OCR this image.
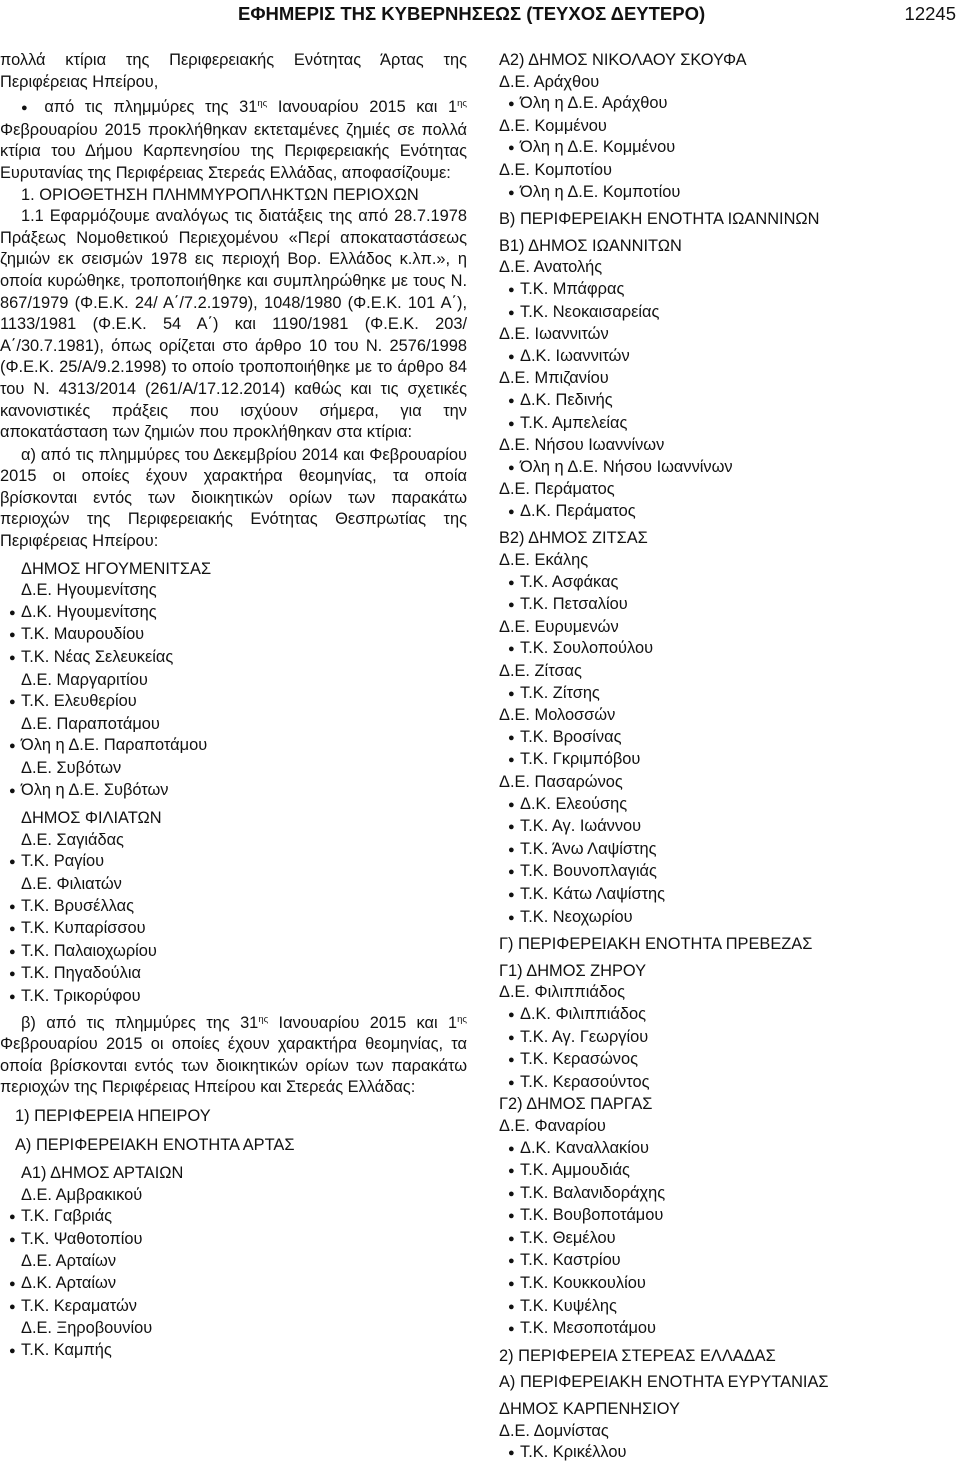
ΕΦΗΜΕΡΙΣ ΤΗΣ ΚΥΒΕΡΝΗΣΕΩΣ (ΤΕΥΧΟΣ ΔΕΥΤΕΡΟ)	12245
πολλά κτίρια της Περιφερειακής Ενότητας Άρτας της Περιφέρειας Ηπείρου,
● από τις πλημμύρες της $31^{\eta\varsigma}$ Ιανουαρίου 2015 και $1^{\eta\varsigma}$ Φεβρουαρίου 2015 προκλήθηκαν εκτεταμένες ζημιές σε πολλά κτίρια του Δήμου Καρπενησίου της Περιφερειακής Ενότητας Ευρυτανίας της Περιφέρειας Στερεάς Ελλάδας, αποφασίζουμε:
1. ΟΡΙΟΘΕΤΗΣΗ ΠΛΗΜΜΥΡΟΠΛΗΚΤΩΝ ΠΕΡΙΟΧΩΝ
1.1 Εφαρμόζουμε αναλόγως τις διατάξεις της από 28.7.1978 Πράξεως Νομοθετικού Περιεχομένου «Περί αποκαταστάσεως ζημιών εκ σεισμών 1978 εις περιοχή Βορ. Ελλάδος κ.λπ.», η οποία κυρώθηκε, τροποποιήθηκε και συμπληρώθηκε με τους Ν. 867/1979 (Φ.Ε.Κ. 24/ Α΄/7.2.1979), 1048/1980 (Φ.Ε.Κ. 101 Α΄), 1133/1981 (Φ.Ε.Κ. 54 Α΄) και 1190/1981 (Φ.Ε.Κ. 203/Α΄/30.7.1981), όπως ορίζεται στο άρθρο 10 του Ν. 2576/1998 (Φ.Ε.Κ. 25/Α/9.2.1998) το οποίο τροποποιήθηκε με το άρθρο 84 του Ν. 4313/2014 (261/Α/17.12.2014) καθώς και τις σχετικές κανονιστικές πράξεις που ισχύουν σήμερα, για την αποκατάσταση των ζημιών που προκλήθηκαν στα κτίρια:
α) από τις πλημμύρες του Δεκεμβρίου 2014 και Φεβρουαρίου 2015 οι οποίες έχουν χαρακτήρα θεομηνίας, τα οποία βρίσκονται εντός των διοικητικών ορίων των παρακάτω περιοχών της Περιφερειακής Ενότητας Θεσπρωτίας της Περιφέρειας Ηπείρου:
ΔΗΜΟΣ ΗΓΟΥΜΕΝΙΤΣΑΣ
Δ.Ε. Ηγουμενίτσης
● Δ.Κ. Ηγουμενίτσης
● Τ.Κ. Μαυρουδίου
● Τ.Κ. Νέας Σελευκείας
Δ.Ε. Μαργαριτίου
● Τ.Κ. Ελευθερίου
Δ.Ε. Παραποτάμου
● Όλη η Δ.Ε. Παραποτάμου
Δ.Ε. Συβότων
● Όλη η Δ.Ε. Συβότων
ΔΗΜΟΣ ΦΙΛΙΑΤΩΝ
Δ.Ε. Σαγιάδας
● Τ.Κ. Ραγίου
Δ.Ε. Φιλιατών
● Τ.Κ. Βρυσέλλας
● Τ.Κ. Κυπαρίσσου
● Τ.Κ. Παλαιοχωρίου
● Τ.Κ. Πηγαδούλια
● Τ.Κ. Τρικορύφου
β) από τις πλημμύρες της $31^{\eta\varsigma}$ Ιανουαρίου 2015 και $1^{\eta\varsigma}$ Φεβρουαρίου 2015 οι οποίες έχουν χαρακτήρα θεομηνίας, τα οποία βρίσκονται εντός των διοικητικών ορίων των παρακάτω περιοχών της Περιφέρειας Ηπείρου και Στερεάς Ελλάδας:
1) ΠΕΡΙΦΕΡΕΙΑ ΗΠΕΙΡΟΥ
Α) ΠΕΡΙΦΕΡΕΙΑΚΗ ΕΝΟΤΗΤΑ ΑΡΤΑΣ
Α1) ΔΗΜΟΣ ΑΡΤΑΙΩΝ
Δ.Ε. Αμβρακικού
● Τ.Κ. Γαβριάς
● Τ.Κ. Ψαθοτοπίου
Δ.Ε. Αρταίων
● Δ.Κ. Αρταίων
● Τ.Κ. Κεραματών
Δ.Ε. Ξηροβουνίου
● Τ.Κ. Καμπής
Α2) ΔΗΜΟΣ ΝΙΚΟΛΑΟΥ ΣΚΟΥΦΑ
Δ.Ε. Αράχθου
● Όλη η Δ.Ε. Αράχθου
Δ.Ε. Κομμένου
● Όλη η Δ.Ε. Κομμένου
Δ.Ε. Κομποτίου
● Όλη η Δ.Ε. Κομποτίου
Β) ΠΕΡΙΦΕΡΕΙΑΚΗ ΕΝΟΤΗΤΑ ΙΩΑΝΝΙΝΩΝ
Β1) ΔΗΜΟΣ ΙΩΑΝΝΙΤΩΝ
Δ.Ε. Ανατολής
● Τ.Κ. Μπάφρας
● Τ.Κ. Νεοκαισαρείας
Δ.Ε. Ιωαννιτών
● Δ.Κ. Ιωαννιτών
Δ.Ε. Μπιζανίου
● Δ.Κ. Πεδινής
● Τ.Κ. Αμπελείας
Δ.Ε. Νήσου Ιωαννίνων
● Όλη η Δ.Ε. Νήσου Ιωαννίνων
Δ.Ε. Περάματος
● Δ.Κ. Περάματος
Β2) ΔΗΜΟΣ ΖΙΤΣΑΣ
Δ.Ε. Εκάλης
● Τ.Κ. Ασφάκας
● Τ.Κ. Πετσαλίου
Δ.Ε. Ευρυμενών
● Τ.Κ. Σουλοπούλου
Δ.Ε. Ζίτσας
● Τ.Κ. Ζίτσης
Δ.Ε. Μολοσσών
● Τ.Κ. Βροσίνας
● Τ.Κ. Γκριμπόβου
Δ.Ε. Πασαρώνος
● Δ.Κ. Ελεούσης
● Τ.Κ. Αγ. Ιωάννου
● Τ.Κ. Άνω Λαψίστης
● Τ.Κ. Βουνοπλαγιάς
● Τ.Κ. Κάτω Λαψίστης
● Τ.Κ. Νεοχωρίου
Γ) ΠΕΡΙΦΕΡΕΙΑΚΗ ΕΝΟΤΗΤΑ ΠΡΕΒΕΖΑΣ
Γ1) ΔΗΜΟΣ ΖΗΡΟΥ
Δ.Ε. Φιλιππιάδος
● Δ.Κ. Φιλιππιάδος
● Τ.Κ. Αγ. Γεωργίου
● Τ.Κ. Κερασώνος
● Τ.Κ. Κερασούντος
Γ2) ΔΗΜΟΣ ΠΑΡΓΑΣ
Δ.Ε. Φαναρίου
● Δ.Κ. Καναλλακίου
● Τ.Κ. Αμμουδιάς
● Τ.Κ. Βαλανιδοράχης
● Τ.Κ. Βουβοποτάμου
● Τ.Κ. Θεμέλου
● Τ.Κ. Καστρίου
● Τ.Κ. Κουκκουλίου
● Τ.Κ. Κυψέλης
● Τ.Κ. Μεσοποτάμου
2) ΠΕΡΙΦΕΡΕΙΑ ΣΤΕΡΕΑΣ ΕΛΛΑΔΑΣ
Α) ΠΕΡΙΦΕΡΕΙΑΚΗ ΕΝΟΤΗΤΑ ΕΥΡΥΤΑΝΙΑΣ
ΔΗΜΟΣ ΚΑΡΠΕΝΗΣΙΟΥ
Δ.Ε. Δομνίστας
● Τ.Κ. Κρικέλλου
